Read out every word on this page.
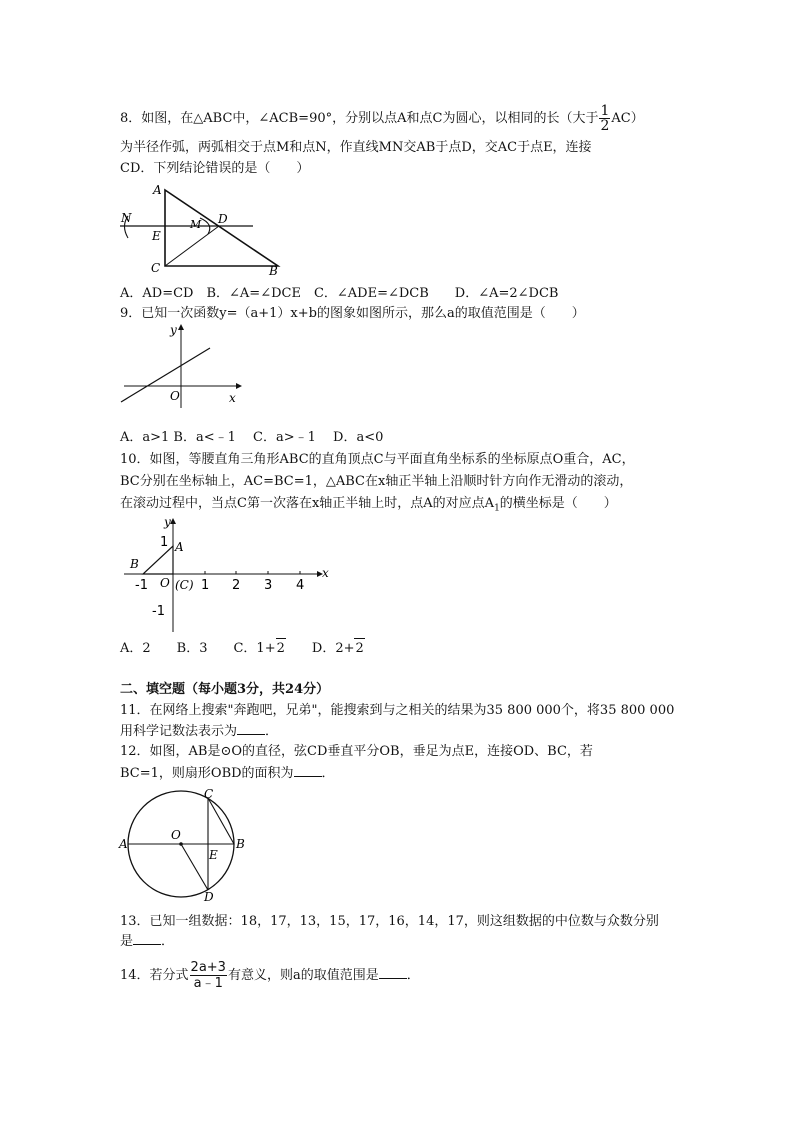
8．如图，在△ABC中，∠ACB=90°，分别以点A和点C为圆心，以相同的长（大于 $\frac{1}{2} AC$）
为半径作弧，两弧相交于点M和点N，作直线MN交AB于点D，交AC于点E，连接
CD．下列结论错误的是（　　）
A
N	M D
E
C	B
A．AD=CD　B．∠A=∠DCE　C．∠ADE=∠DCB　　D．∠A=2∠DCB
9．已知一次函数y=（a+1）x+b的图象如图所示，那么a的取值范围是（　　）
y
x
O
A．a>1 B．a<﹣1　 C．a>﹣1　 D．a<0
10．如图，等腰直角三角形ABC的直角顶点C与平面直角坐标系的坐标原点O重合，AC，
BC分别在坐标轴上，AC=BC=1，△ABC在x轴正半轴上沿顺时针方向作无滑动的滚动，
在滚动过程中，当点C第一次落在x轴正半轴上时，点A的对应点$A_1$的横坐标是（　　）
y
x
1 A
B
-1 O (C) 1 2 3 4
-1
A．2　　B．3　　C．1+2　　D．2+2
二、填空题（每小题3分，共24分）
11．在网络上搜索"奔跑吧，兄弟"，能搜索到与之相关的结果为35 800 000个，将35 800 000
用科学记数法表示为 ．
12．如图，AB是⊙O的直径，弦CD垂直平分OB，垂足为点E，连接OD、BC，若
BC=1，则扇形OBD的面积为 ．
C
A
O
B
E
D
13．已知一组数据：18，17，13，15，17，16，14，17，则这组数据的中位数与众数分别
是 ．
14．若分式 $\frac{2a+3}{a﹣1}$ 有意义，则a的取值范围是 ．
